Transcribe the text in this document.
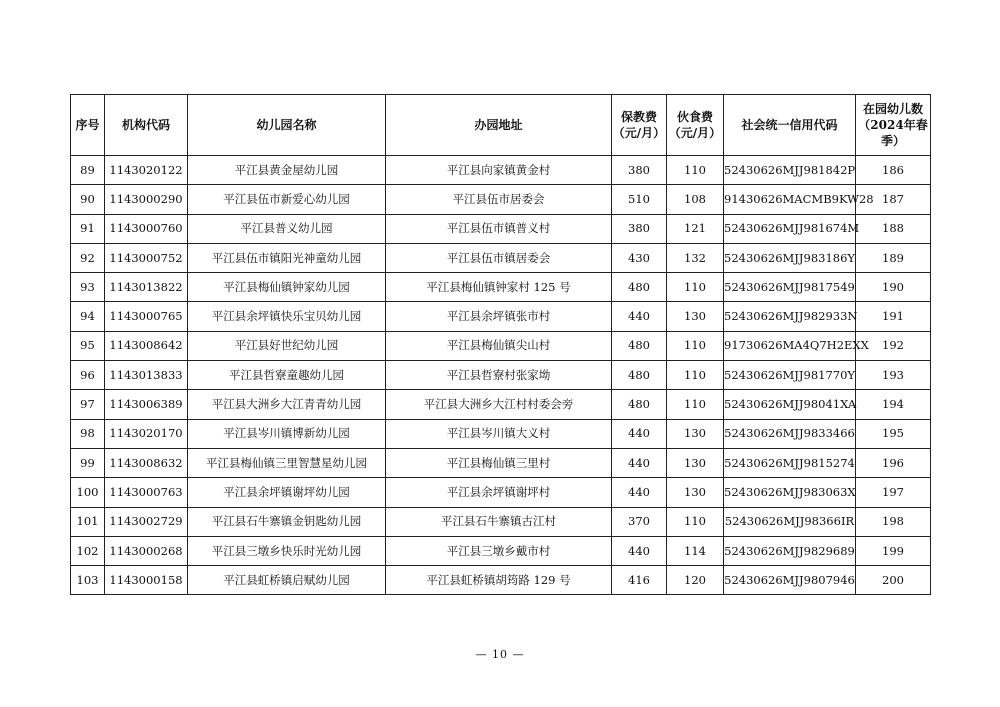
序号	机构代码	幼儿园名称	办园地址	保教费（元/月）	伙食费（元/月）	社会统一信用代码	在园幼儿数（2024年春季）
89	1143020122	平江县黄金屋幼儿园	平江县向家镇黄金村	380	110	52430626MJJ981842P	186
90	1143000290	平江县伍市新爱心幼儿园	平江县伍市居委会	510	108	91430626MACMB9KW28	187
91	1143000760	平江县普义幼儿园	平江县伍市镇普义村	380	121	52430626MJJ981674M	188
92	1143000752	平江县伍市镇阳光神童幼儿园	平江县伍市镇居委会	430	132	52430626MJJ983186Y	189
93	1143013822	平江县梅仙镇钟家幼儿园	平江县梅仙镇钟家村 125 号	480	110	52430626MJJ9817549	190
94	1143000765	平江县余坪镇快乐宝贝幼儿园	平江县余坪镇张市村	440	130	52430626MJJ982933N	191
95	1143008642	平江县好世纪幼儿园	平江县梅仙镇尖山村	480	110	91730626MA4Q7H2EXX	192
96	1143013833	平江县哲寮童趣幼儿园	平江县哲寮村张家坳	480	110	52430626MJJ981770Y	193
97	1143006389	平江县大洲乡大江青青幼儿园	平江县大洲乡大江村村委会旁	480	110	52430626MJJ98041XA	194
98	1143020170	平江县岑川镇博新幼儿园	平江县岑川镇大义村	440	130	52430626MJJ9833466	195
99	1143008632	平江县梅仙镇三里智慧星幼儿园	平江县梅仙镇三里村	440	130	52430626MJJ9815274	196
100	1143000763	平江县余坪镇谢坪幼儿园	平江县余坪镇谢坪村	440	130	52430626MJJ983063X	197
101	1143002729	平江县石牛寨镇金钥匙幼儿园	平江县石牛寨镇古江村	370	110	52430626MJJ98366IR	198
102	1143000268	平江县三墩乡快乐时光幼儿园	平江县三墩乡戴市村	440	114	52430626MJJ9829689	199
103	1143000158	平江县虹桥镇启赋幼儿园	平江县虹桥镇胡筠路 129 号	416	120	52430626MJJ9807946	200
— 10 —
